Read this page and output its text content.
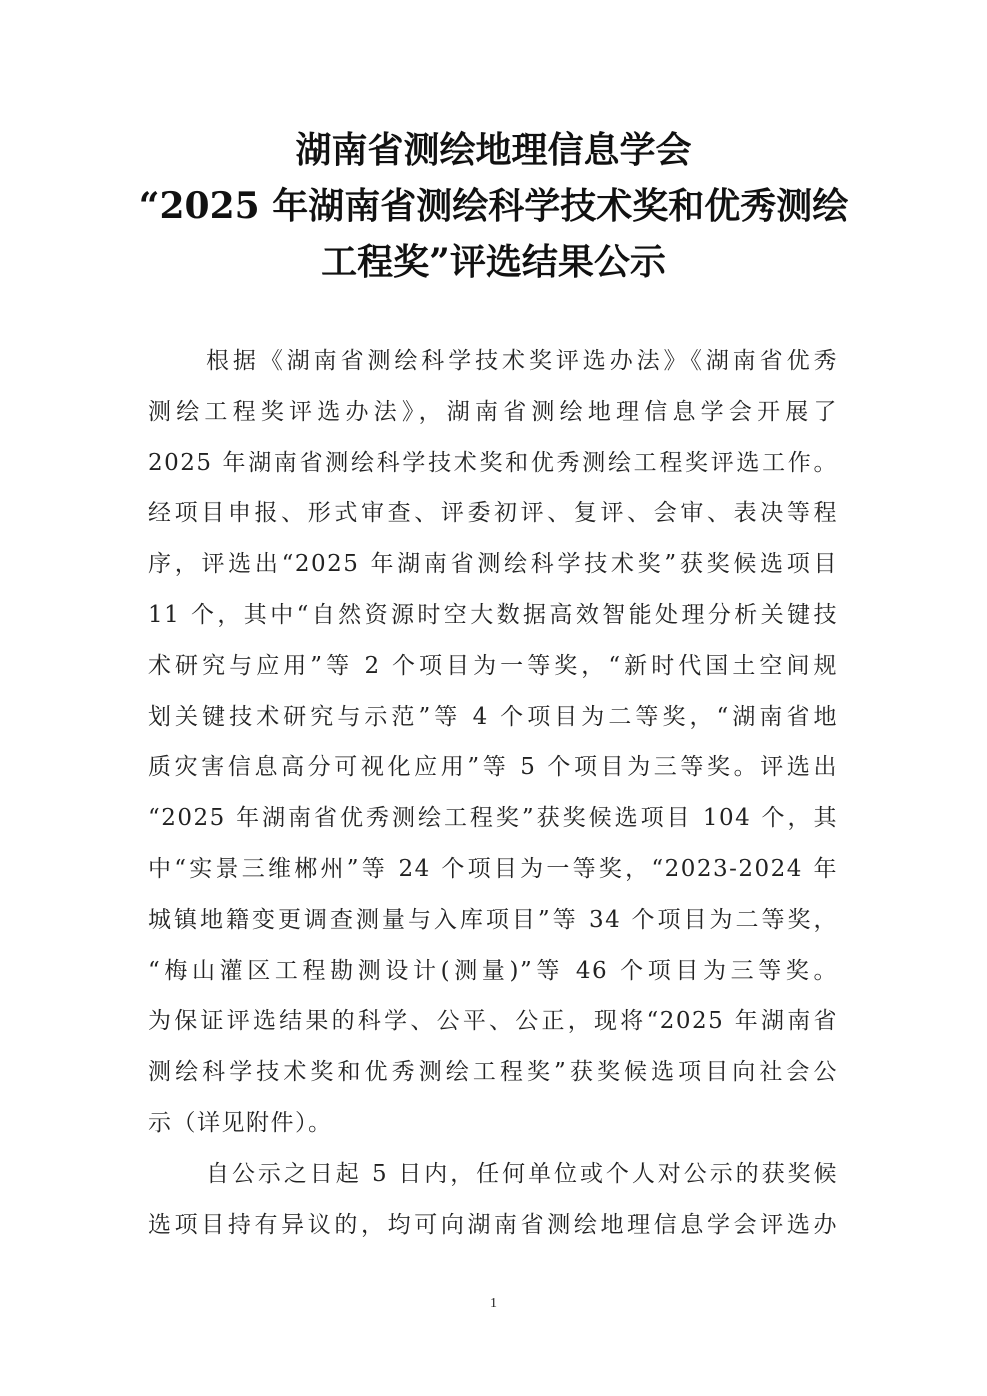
湖南省测绘地理信息学会
“2025 年湖南省测绘科学技术奖和优秀测绘
工程奖”评选结果公示
根据《湖南省测绘科学技术奖评选办法》《湖南省优秀
测绘工程奖评选办法》，湖南省测绘地理信息学会开展了
2025 年湖南省测绘科学技术奖和优秀测绘工程奖评选工作。
经项目申报、形式审查、评委初评、复评、会审、表决等程
序，评选出“2025 年湖南省测绘科学技术奖”获奖候选项目
11 个，其中“自然资源时空大数据高效智能处理分析关键技
术研究与应用”等 2 个项目为一等奖，“新时代国土空间规
划关键技术研究与示范”等 4 个项目为二等奖，“湖南省地
质灾害信息高分可视化应用”等 5 个项目为三等奖。评选出
“2025 年湖南省优秀测绘工程奖”获奖候选项目 104 个，其
中“实景三维郴州”等 24 个项目为一等奖，“2023-2024 年
城镇地籍变更调查测量与入库项目”等 34 个项目为二等奖，
“梅山灌区工程勘测设计(测量)”等 46 个项目为三等奖。
为保证评选结果的科学、公平、公正，现将“2025 年湖南省
测绘科学技术奖和优秀测绘工程奖”获奖候选项目向社会公
示（详见附件）。
自公示之日起 5 日内，任何单位或个人对公示的获奖候
选项目持有异议的，均可向湖南省测绘地理信息学会评选办
1
